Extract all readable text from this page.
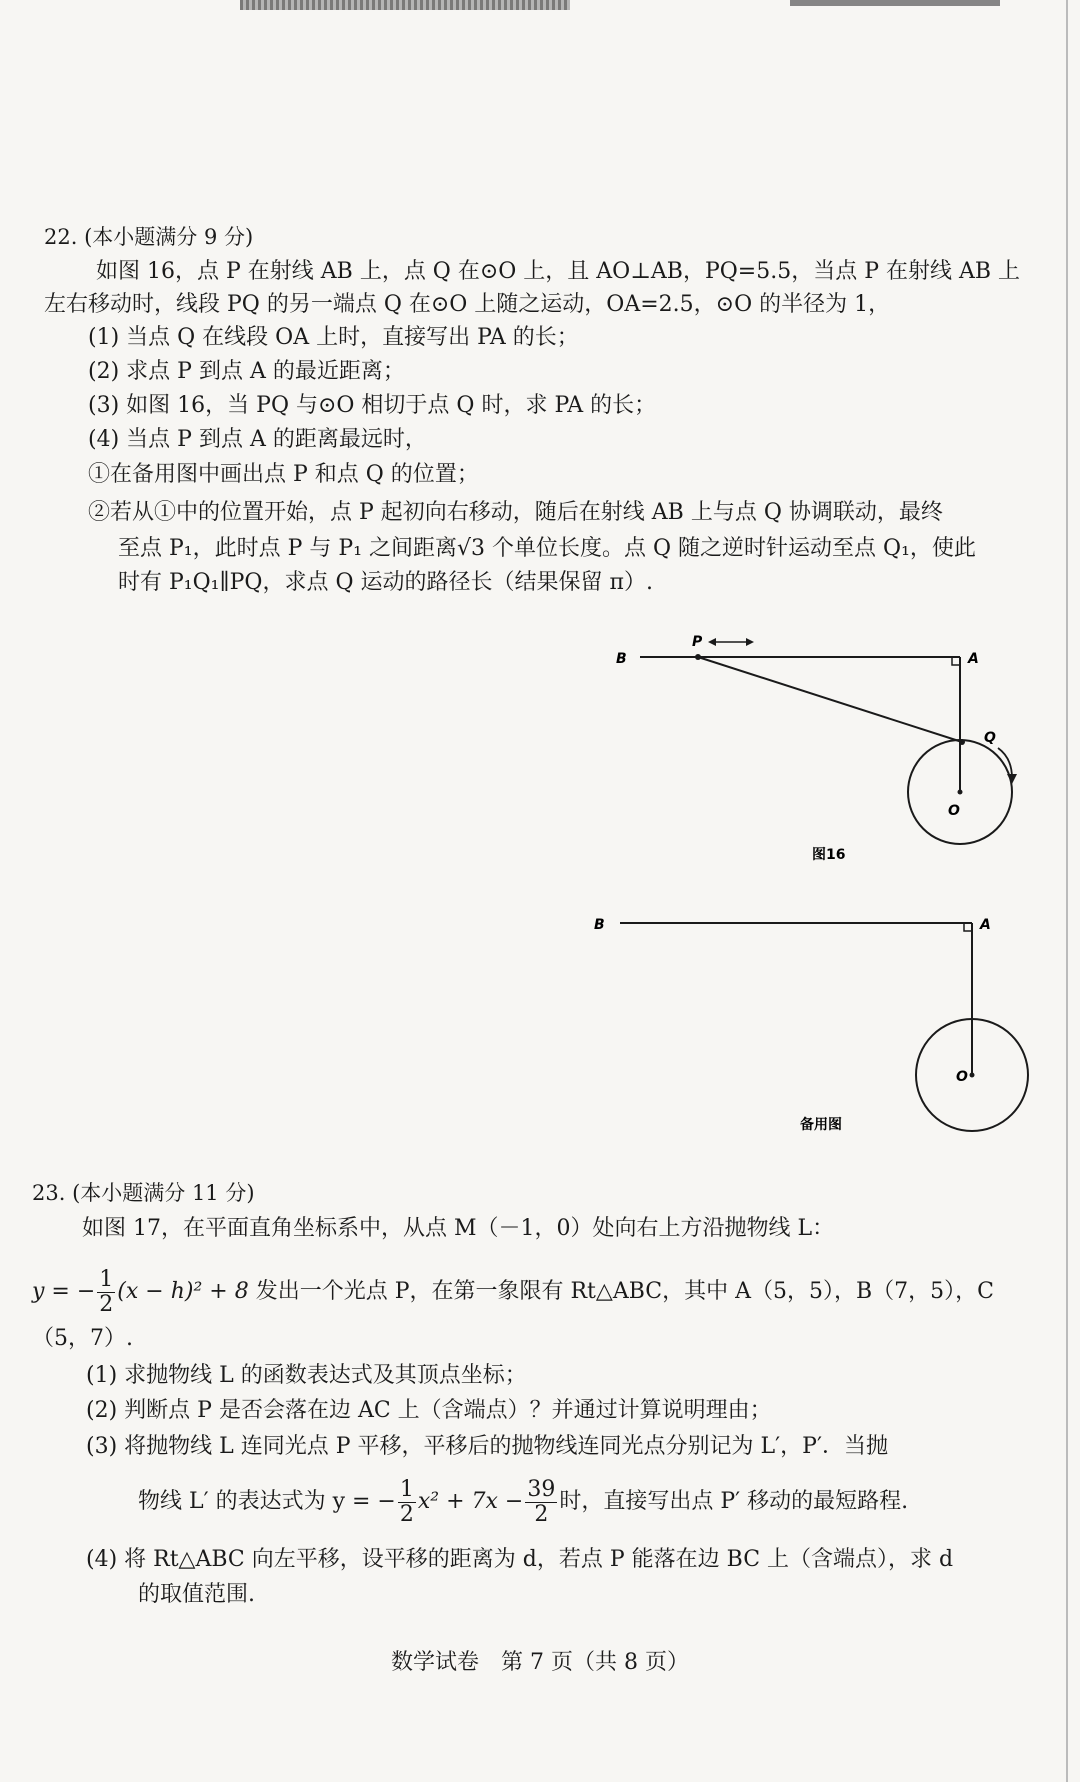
22. (本小题满分 9 分)
如图 16，点 P 在射线 AB 上，点 Q 在⊙O 上，且 AO⊥AB，PQ=5.5，当点 P 在射线 AB 上
左右移动时，线段 PQ 的另一端点 Q 在⊙O 上随之运动，OA=2.5，⊙O 的半径为 1，
(1) 当点 Q 在线段 OA 上时，直接写出 PA 的长；
(2) 求点 P 到点 A 的最近距离；
(3) 如图 16，当 PQ 与⊙O 相切于点 Q 时，求 PA 的长；
(4) 当点 P 到点 A 的距离最远时，
①在备用图中画出点 P 和点 Q 的位置；
②若从①中的位置开始，点 P 起初向右移动，随后在射线 AB 上与点 Q 协调联动，最终
至点 P₁，此时点 P 与 P₁ 之间距离√3 个单位长度。点 Q 随之逆时针运动至点 Q₁，使此
时有 P₁Q₁∥PQ，求点 Q 运动的路径长（结果保留 π）.
B
P
A
Q
O
图16
B	A
O
备用图
23. (本小题满分 11 分)
如图 17，在平面直角坐标系中，从点 M（－1，0）处向右上方沿抛物线 L：
y = − $\frac{1}{2} (x - h)^2 + 8$ 发出一个光点 P，在第一象限有 Rt△ABC，其中 A（5，5），B（7，5），C
（5，7）.
(1) 求抛物线 L 的函数表达式及其顶点坐标；
(2) 判断点 P 是否会落在边 AC 上（含端点）？并通过计算说明理由；
(3) 将抛物线 L 连同光点 P 平移，平移后的抛物线连同光点分别记为 L′，P′．当抛
物线 L′ 的表达式为 y = − $\frac{1}{2} x^2 + 7x - \frac{39}{2}$ 时，直接写出点 P′ 移动的最短路程.
(4) 将 Rt△ABC 向左平移，设平移的距离为 d，若点 P 能落在边 BC 上（含端点），求 d
的取值范围.
数学试卷　第 7 页（共 8 页）
